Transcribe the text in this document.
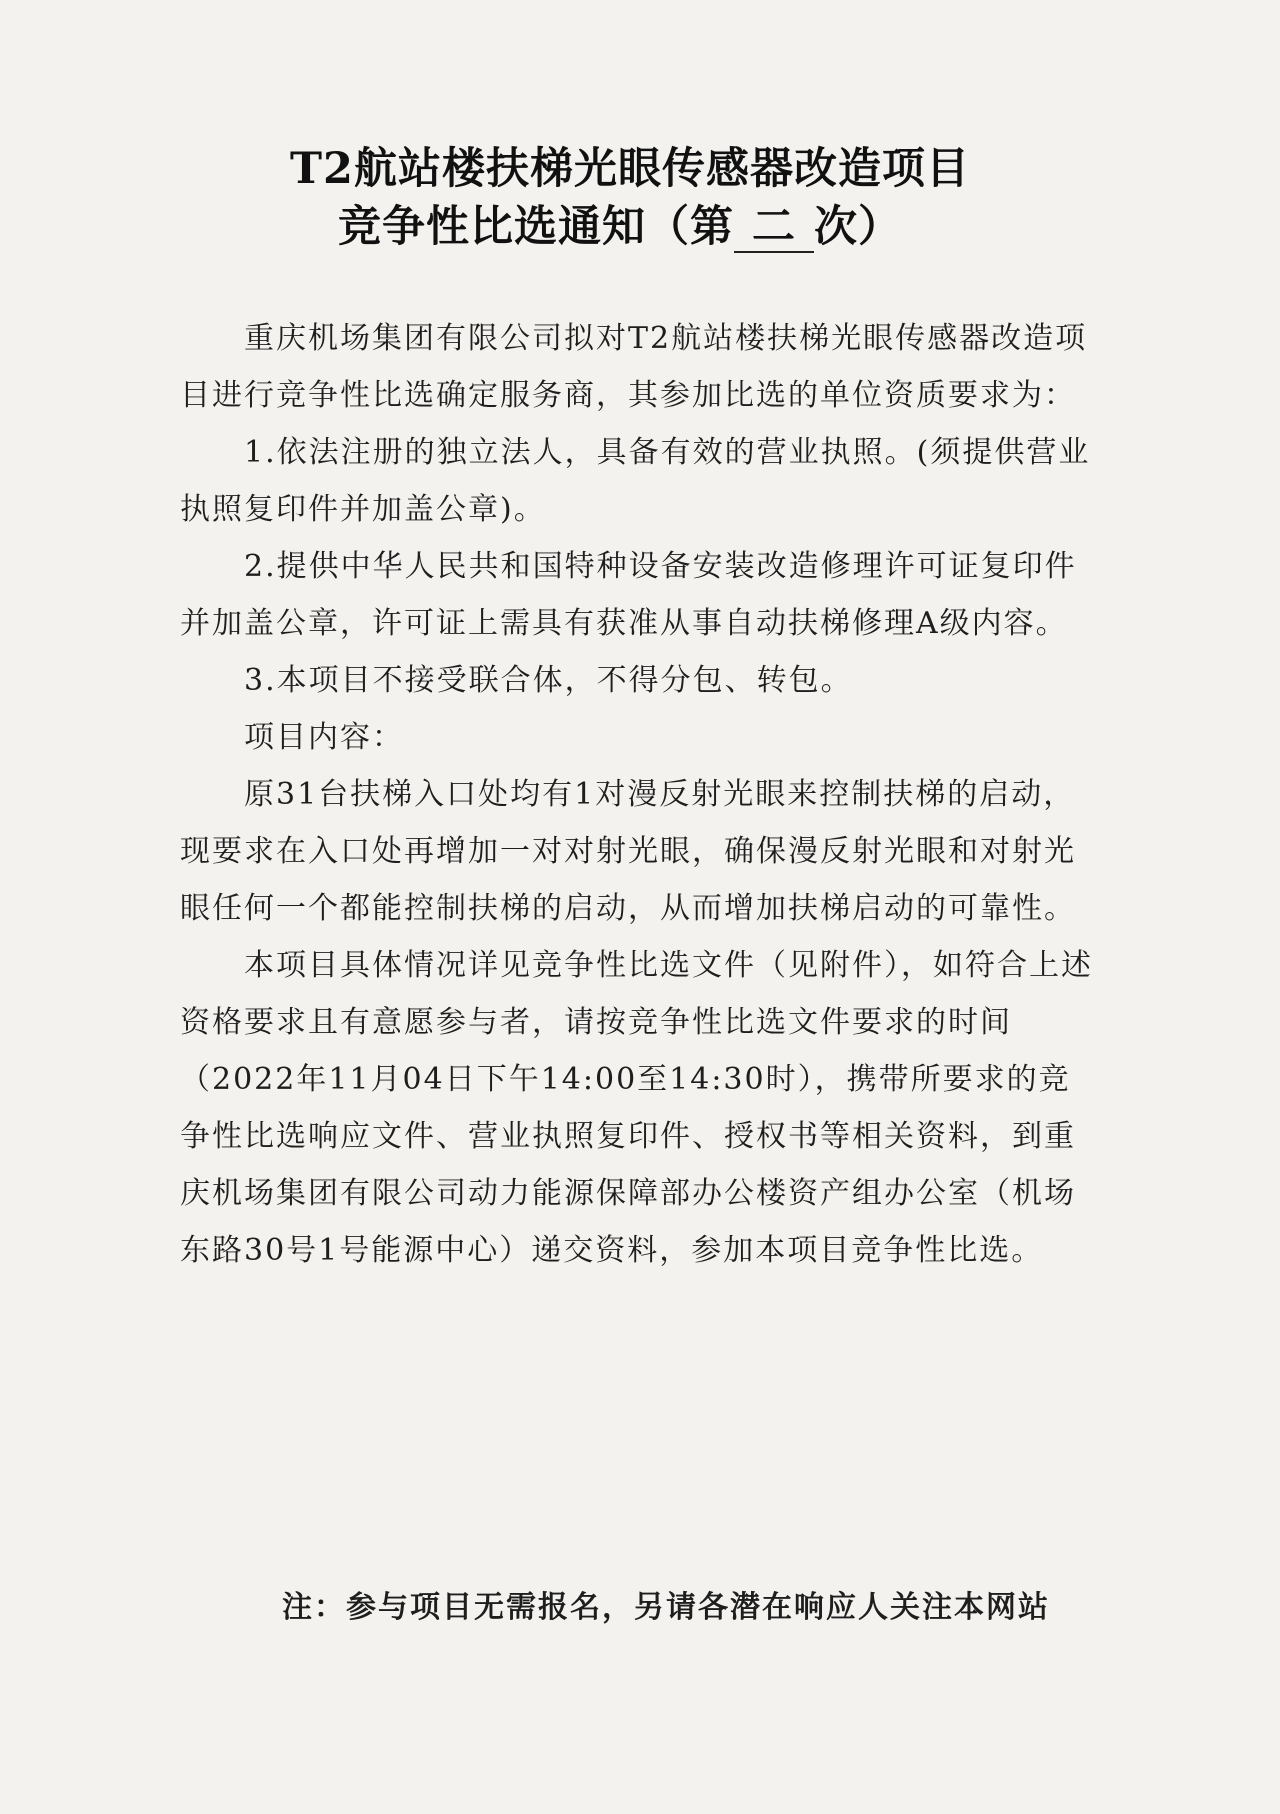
T2航站楼扶梯光眼传感器改造项目
竞争性比选通知（第 二 次）

重庆机场集团有限公司拟对T2航站楼扶梯光眼传感器改造项目进行竞争性比选确定服务商，其参加比选的单位资质要求为：

1.依法注册的独立法人，具备有效的营业执照。(须提供营业执照复印件并加盖公章)。

2.提供中华人民共和国特种设备安装改造修理许可证复印件并加盖公章，许可证上需具有获准从事自动扶梯修理A级内容。

3.本项目不接受联合体，不得分包、转包。

项目内容：

原31台扶梯入口处均有1对漫反射光眼来控制扶梯的启动，现要求在入口处再增加一对对射光眼，确保漫反射光眼和对射光眼任何一个都能控制扶梯的启动，从而增加扶梯启动的可靠性。

本项目具体情况详见竞争性比选文件（见附件），如符合上述资格要求且有意愿参与者，请按竞争性比选文件要求的时间（2022年11月04日下午14:00至14:30时），携带所要求的竞争性比选响应文件、营业执照复印件、授权书等相关资料，到重庆机场集团有限公司动力能源保障部办公楼资产组办公室（机场东路30号1号能源中心）递交资料，参加本项目竞争性比选。

注：参与项目无需报名，另请各潜在响应人关注本网站
